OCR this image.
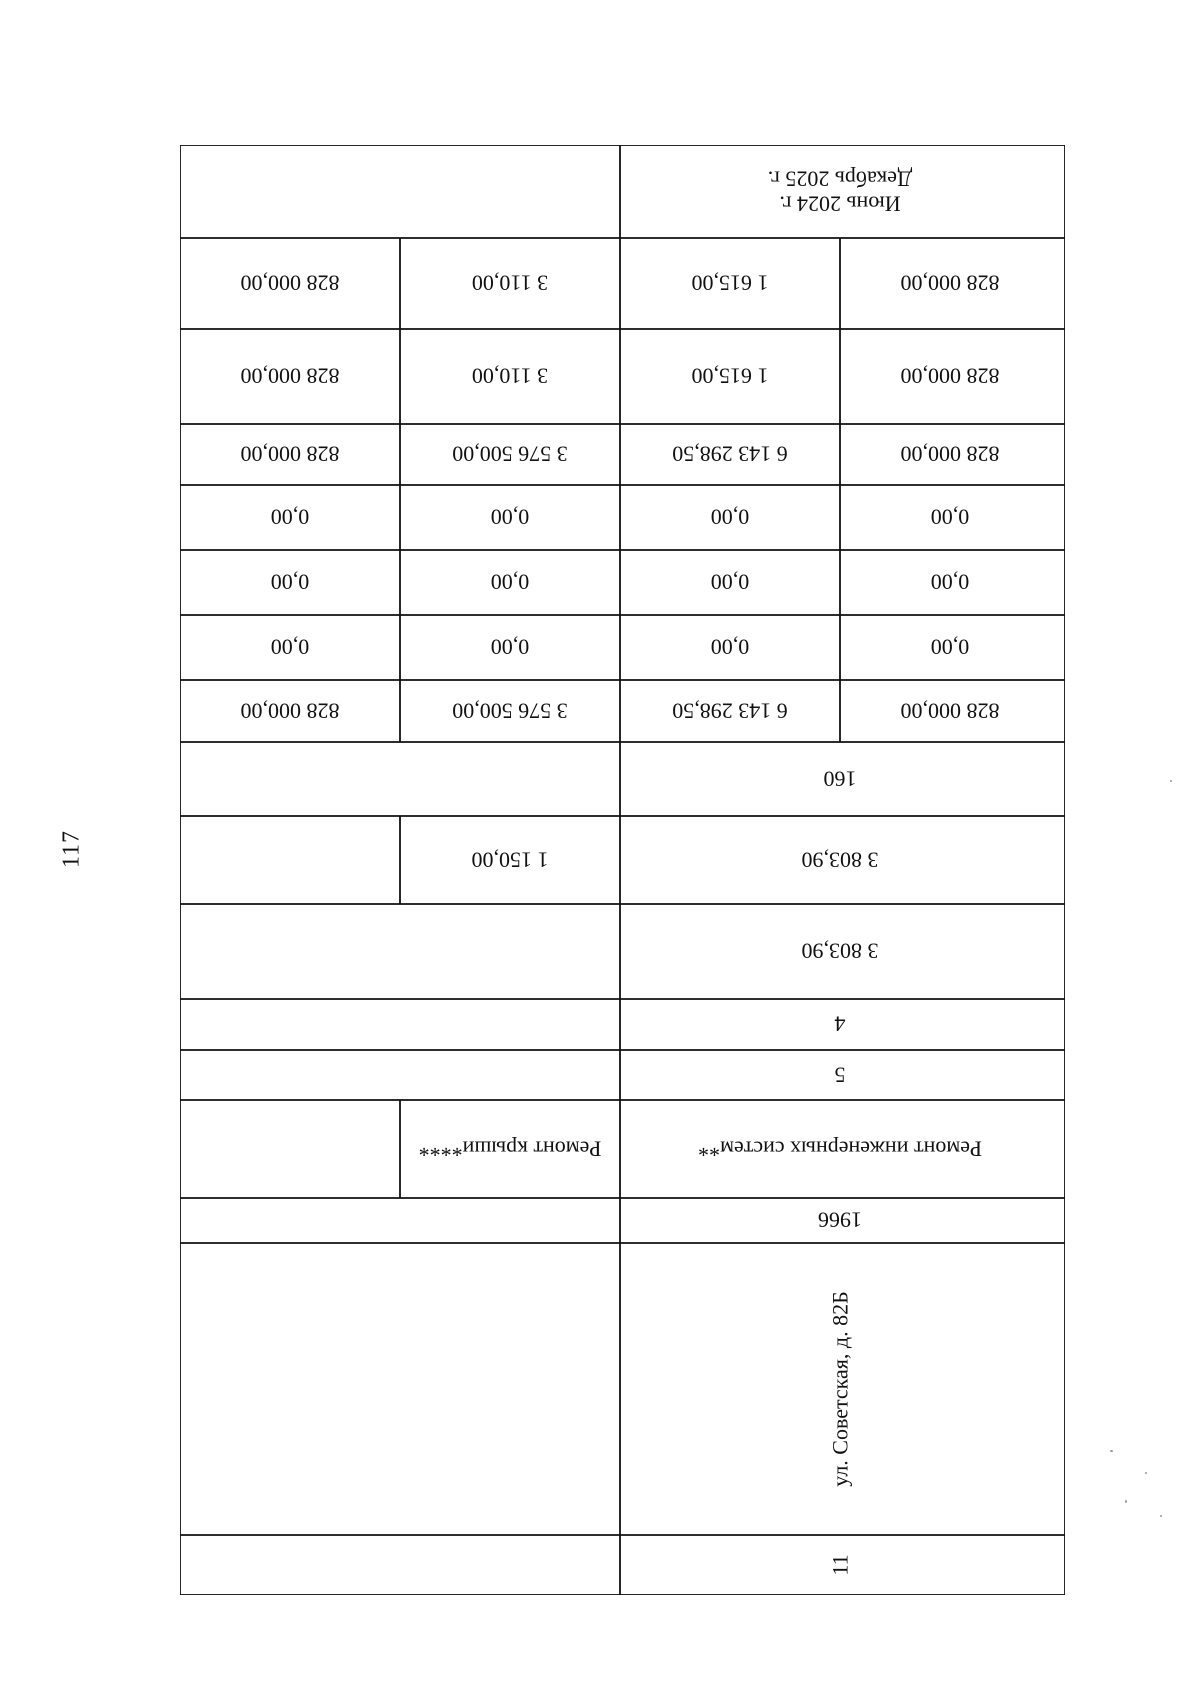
117
Июнь 2024 г.
Декабрь 2025 г.
828 000,00
1 615,00
3 110,00
828 000,00
828 000,00
1 615,00
3 110,00
828 000,00
828 000,00
6 143 298,50
3 576 500,00
828 000,00
0,00
0,00
0,00
0,00
0,00
0,00
0,00
0,00
0,00
0,00
0,00
0,00
828 000,00
6 143 298,50
3 576 500,00
828 000,00
160
3 803,90
1 150,00
3 803,90
4
5
Ремонт инженерных систем**
Ремонт крыши****
1966
ул. Советская, д. 82Б
11
